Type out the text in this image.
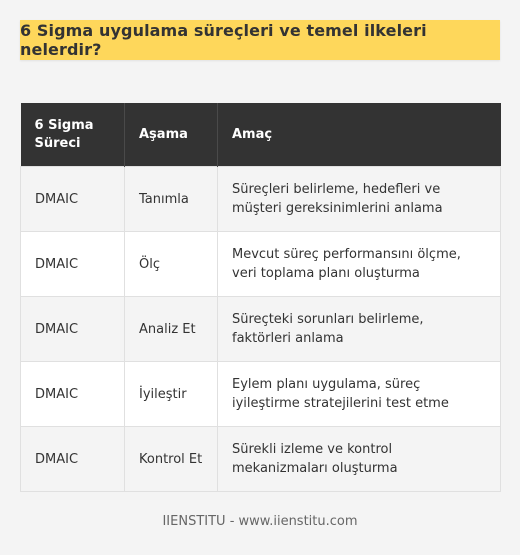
6 Sigma uygulama süreçleri ve temel ilkeleri nelerdir?
6 Sigma Süreci	Aşama	Amaç
DMAIC	Tanımla	Süreçleri belirleme, hedefleri ve müşteri gereksinimlerini anlama
DMAIC	Ölç	Mevcut süreç performansını ölçme, veri toplama planı oluşturma
DMAIC	Analiz Et	Süreçteki sorunları belirleme, faktörleri anlama
DMAIC	İyileştir	Eylem planı uygulama, süreç iyileştirme stratejilerini test etme
DMAIC	Kontrol Et	Sürekli izleme ve kontrol mekanizmaları oluşturma
IIENSTITU - www.iienstitu.com
